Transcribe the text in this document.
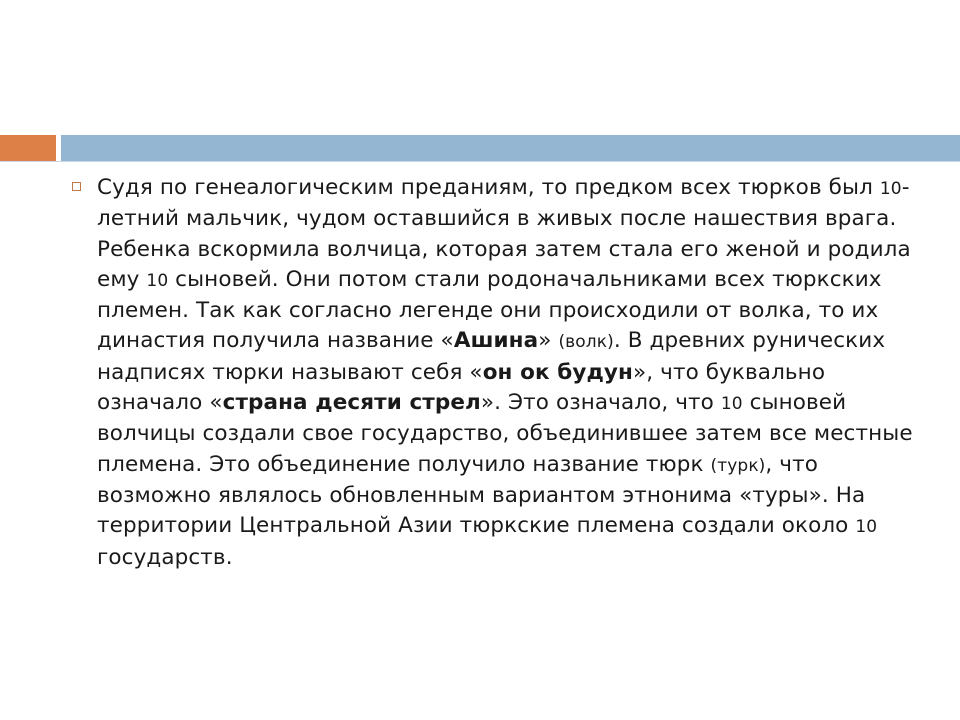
Судя по генеалогическим преданиям, то предком всех тюрков был 10-летний мальчик, чудом оставшийся в живых после нашествия врага. Ребенка вскормила волчица, которая затем стала его женой и родила ему 10 сыновей. Они потом стали родоначальниками всех тюркских племен. Так как согласно легенде они происходили от волка, то их династия получила название «Ашина» (волк). В древних рунических надписях тюрки называют себя «он ок будун», что буквально означало «страна десяти стрел». Это означало, что 10 сыновей волчицы создали свое государство, объединившее затем все местные племена. Это объединение получило название тюрк (турк), что возможно являлось обновленным вариантом этнонима «туры». На территории Центральной Азии тюркские племена создали около 10 государств.
